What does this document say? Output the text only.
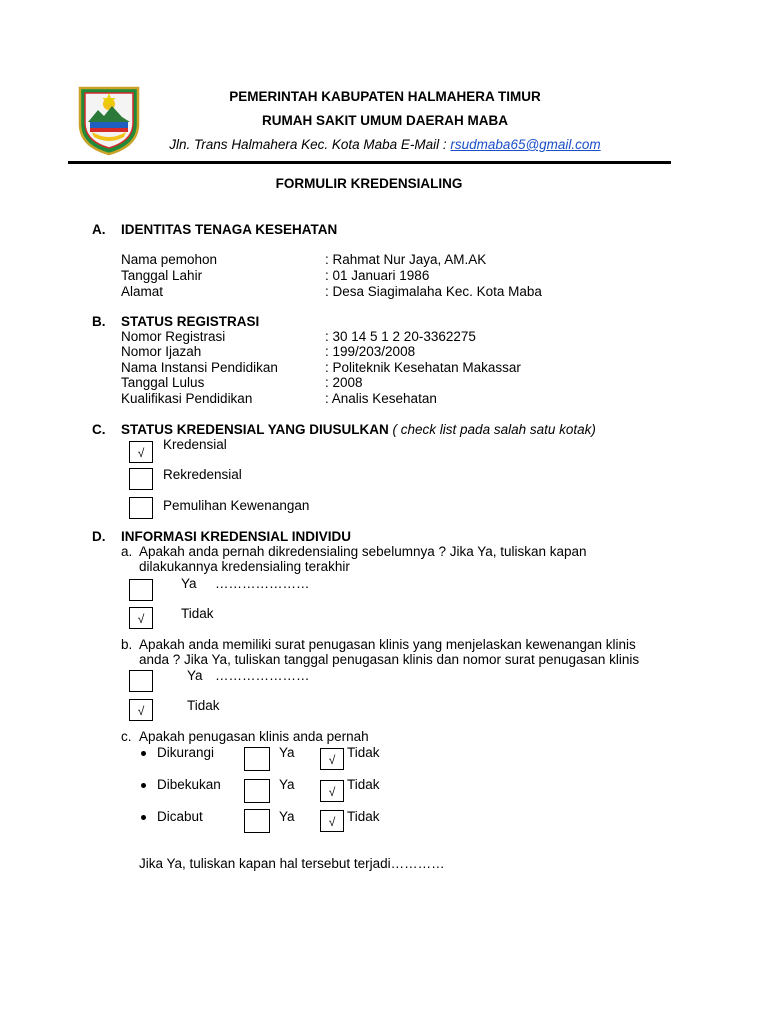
PEMERINTAH KABUPATEN HALMAHERA TIMUR
RUMAH SAKIT UMUM DAERAH MABA
Jln. Trans Halmahera Kec. Kota Maba E-Mail : rsudmaba65@gmail.com
FORMULIR KREDENSIALING
A. IDENTITAS TENAGA KESEHATAN
Nama pemohon	: Rahmat Nur Jaya, AM.AK
Tanggal Lahir	: 01 Januari 1986
Alamat	: Desa Siagimalaha Kec. Kota Maba
B. STATUS REGISTRASI
Nomor Registrasi	: 30 14 5 1 2 20-3362275
Nomor Ijazah	: 199/203/2008
Nama Instansi Pendidikan	: Politeknik Kesehatan Makassar
Tanggal Lulus	: 2008
Kualifikasi Pendidikan	: Analis Kesehatan
C. STATUS KREDENSIAL YANG DIUSULKAN ( check list pada salah satu kotak)
√
Kredensial
Rekredensial
Pemulihan Kewenangan
D. INFORMASI KREDENSIAL INDIVIDU
a. Apakah anda pernah dikredensialing sebelumnya ? Jika Ya, tuliskan kapan
dilakukannya kredensialing terakhir
Ya …………………
√	Tidak
b. Apakah anda memiliki surat penugasan klinis yang menjelaskan kewenangan klinis
anda ? Jika Ya, tuliskan tanggal penugasan klinis dan nomor surat penugasan klinis
Ya …………………
√	Tidak
c. Apakah penugasan klinis anda pernah
Dikurangi	Ya	√ Tidak
Dibekukan	Ya	√ Tidak
Dicabut	Ya	√ Tidak
Jika Ya, tuliskan kapan hal tersebut terjadi…………
